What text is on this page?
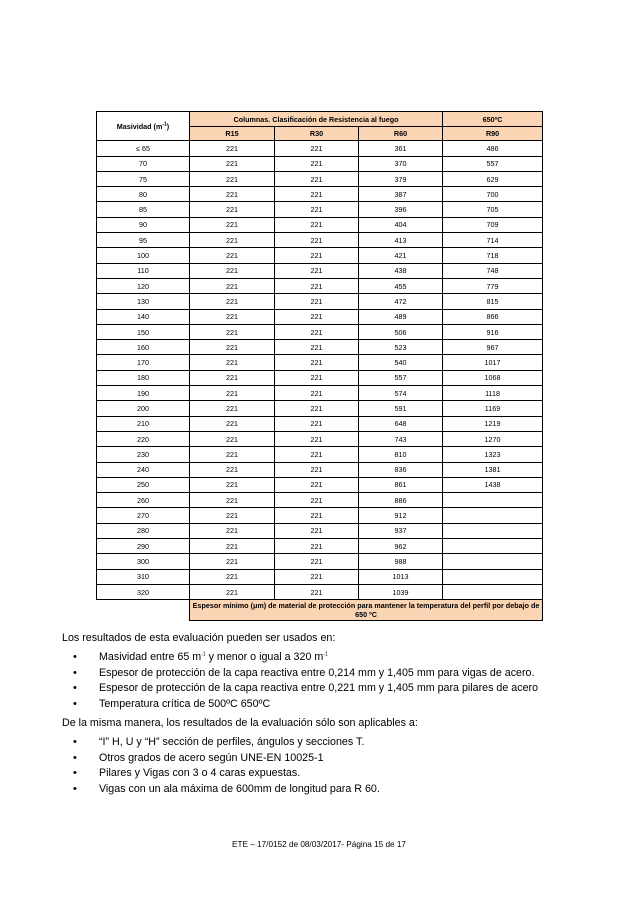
Masividad $(m^{-1})$	Columnas. Clasificación de Resistencia al fuego			650ºC
	R15	R30	R60	R90
≤ 65	221	221	361	486
70	221	221	370	557
75	221	221	379	629
80	221	221	387	700
85	221	221	396	705
90	221	221	404	709
95	221	221	413	714
100	221	221	421	718
110	221	221	438	748
120	221	221	455	779
130	221	221	472	815
140	221	221	489	866
150	221	221	506	916
160	221	221	523	967
170	221	221	540	1017
180	221	221	557	1068
190	221	221	574	1118
200	221	221	591	1169
210	221	221	648	1219
220	221	221	743	1270
230	221	221	810	1323
240	221	221	836	1381
250	221	221	861	1438
260	221	221	886	
270	221	221	912	
280	221	221	937	
290	221	221	962	
300	221	221	988	
310	221	221	1013	
320	221	221	1039	
	Espesor mínimo (μm) de material de protección para mantener la temperatura del perfil por debajo de 650 ºC			

Los resultados de esta evaluación pueden ser usados en:

• Masividad entre 65 $m^{-1}$ y menor o igual a 320 $m^{-1}$
• Espesor de protección de la capa reactiva entre 0,214 mm y 1,405 mm para vigas de acero.
• Espesor de protección de la capa reactiva entre 0,221 mm y 1,405 mm para pilares de acero
• Temperatura crítica de 500ºC 650ºC

De la misma manera, los resultados de la evaluación sólo son aplicables a:

• “I” H, U y “H” sección de perfiles, ángulos y secciones T.
• Otros grados de acero según UNE-EN 10025-1
• Pilares y Vigas con 3 o 4 caras expuestas.
• Vigas con un ala máxima de 600mm de longitud para R 60.
ETE – 17/0152 de 08/03/2017- Página 15 de 17
